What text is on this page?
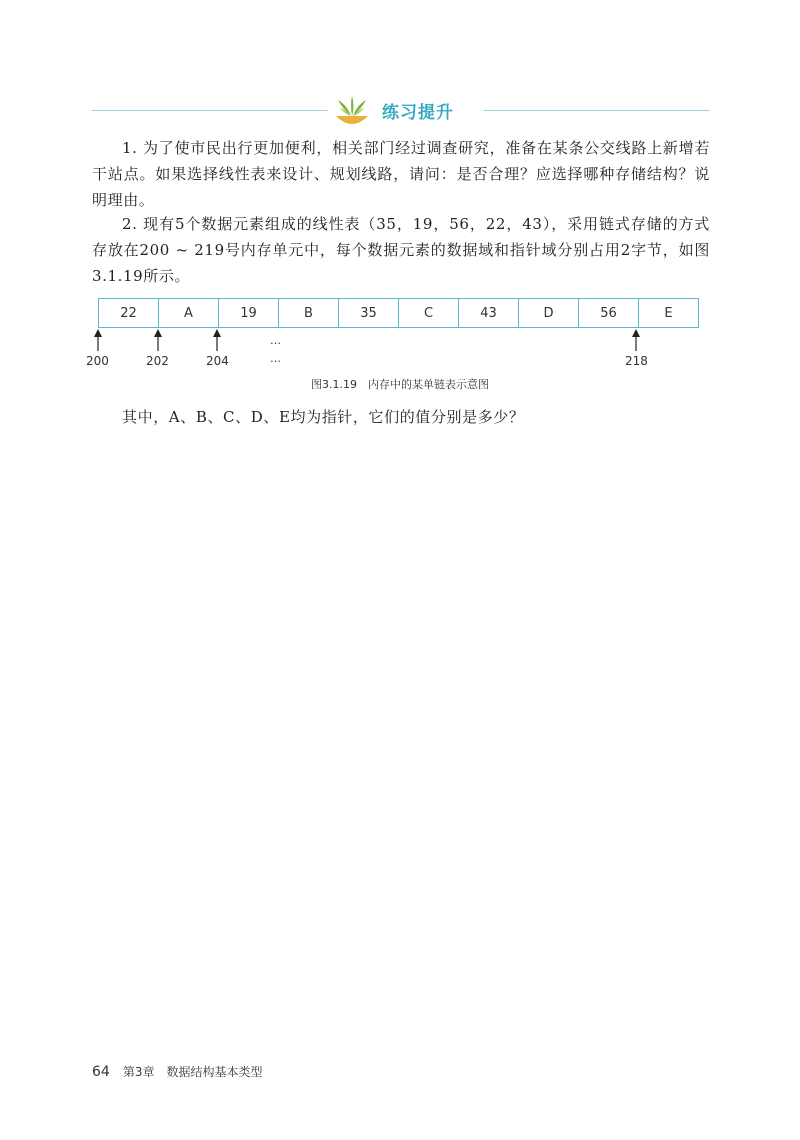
练习提升
1. 为了使市民出行更加便利，相关部门经过调查研究，准备在某条公交线路上新增若干站点。如果选择线性表来设计、规划线路，请问：是否合理？应选择哪种存储结构？说明理由。
2. 现有5个数据元素组成的线性表（35，19，56，22，43），采用链式存储的方式存放在200 ~ 219号内存单元中，每个数据元素的数据域和指针域分别占用2字节，如图3.1.19所示。
22	A	19	B	35	C	43	D	56	E
…
…
200	202	204	218
图3.1.19　内存中的某单链表示意图
其中，A、B、C、D、E均为指针，它们的值分别是多少？
64 第3章　数据结构基本类型
